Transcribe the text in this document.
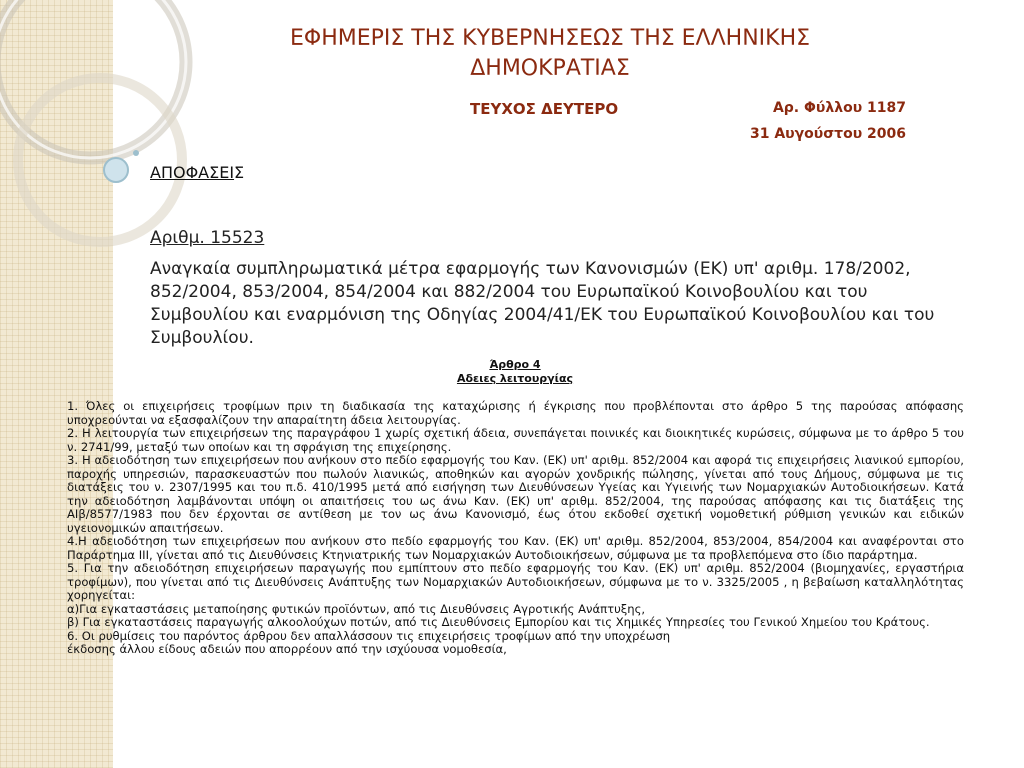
ΕΦΗΜΕΡΙΣ ΤΗΣ ΚΥΒΕΡΝΗΣΕΩΣ ΤΗΣ ΕΛΛΗΝΙΚΗΣ
ΔΗΜΟΚΡΑΤΙΑΣ
ΤΕΥΧΟΣ ΔΕΥΤΕΡΟ	Αρ. Φύλλου 1187
31 Αυγούστου 2006
ΑΠΟΦΑΣΕΙΣ
Αριθμ. 15523

Αναγκαία συμπληρωματικά μέτρα εφαρμογής των Κανονισμών (ΕΚ) υπ' αριθμ. 178/2002, 852/2004, 853/2004, 854/2004 και 882/2004 του Ευρωπαϊκού Κοινοβουλίου και του Συμβουλίου και εναρμόνιση της Οδηγίας 2004/41/ΕΚ του Ευρωπαϊκού Κοινοβουλίου και του Συμβουλίου.

Άρθρο 4
Αδειες λειτουργίας

1. Όλες οι επιχειρήσεις τροφίμων πριν τη διαδικασία της καταχώρισης ή έγκρισης που προβλέπονται στο άρθρο 5 της παρούσας απόφασης υποχρεούνται να εξασφαλίζουν την απαραίτητη άδεια λειτουργίας.

2. Η λειτουργία των επιχειρήσεων της παραγράφου 1 χωρίς σχετική άδεια, συνεπάγεται ποινικές και διοικητικές κυρώσεις, σύμφωνα με το άρθρο 5 του ν. 2741/99, μεταξύ των οποίων και τη σφράγιση της επιχείρησης.

3. Η αδειοδότηση των επιχειρήσεων που ανήκουν στο πεδίο εφαρμογής του Καν. (ΕΚ) υπ' αριθμ. 852/2004 και αφορά τις επιχειρήσεις λιανικού εμπορίου, παροχής υπηρεσιών, παρασκευαστών που πωλούν λιανικώς, αποθηκών και αγορών χονδρικής πώλησης, γίνεται από τους Δήμους, σύμφωνα με τις διατάξεις του ν. 2307/1995 και του π.δ. 410/1995 μετά από εισήγηση των Διευθύνσεων Υγείας και Υγιεινής των Νομαρχιακών Αυτοδιοικήσεων. Κατά την αδειοδότηση λαμβάνονται υπόψη οι απαιτήσεις του ως άνω Καν. (ΕΚ) υπ' αριθμ. 852/2004, της παρούσας απόφασης και τις διατάξεις της ΑΙβ/8577/1983 που δεν έρχονται σε αντίθεση με τον ως άνω Κανονισμό, έως ότου εκδοθεί σχετική νομοθετική ρύθμιση γενικών και ειδικών υγειονομικών απαιτήσεων.

4.Η αδειοδότηση των επιχειρήσεων που ανήκουν στο πεδίο εφαρμογής του Καν. (ΕΚ) υπ' αριθμ. 852/2004, 853/2004, 854/2004 και αναφέρονται στο Παράρτημα ΙΙΙ, γίνεται από τις Διευθύνσεις Κτηνιατρικής των Νομαρχιακών Αυτοδιοικήσεων, σύμφωνα με τα προβλεπόμενα στο ίδιο παράρτημα.

5. Για την αδειοδότηση επιχειρήσεων παραγωγής που εμπίπτουν στο πεδίο εφαρμογής του Καν. (ΕΚ) υπ' αριθμ. 852/2004 (βιομηχανίες, εργαστήρια τροφίμων), που γίνεται από τις Διευθύνσεις Ανάπτυξης των Νομαρχιακών Αυτοδιοικήσεων, σύμφωνα με το ν. 3325/2005 , η βεβαίωση καταλληλότητας χορηγείται:

α)Για εγκαταστάσεις μεταποίησης φυτικών προϊόντων, από τις Διευθύνσεις Αγροτικής Ανάπτυξης,

β) Για εγκαταστάσεις παραγωγής αλκοολούχων ποτών, από τις Διευθύνσεις Εμπορίου και τις Χημικές Υπηρεσίες του Γενικού Χημείου του Κράτους.

6. Οι ρυθμίσεις του παρόντος άρθρου δεν απαλλάσσουν τις επιχειρήσεις τροφίμων από την υποχρέωση

έκδοσης άλλου είδους αδειών που απορρέουν από την ισχύουσα νομοθεσία,
